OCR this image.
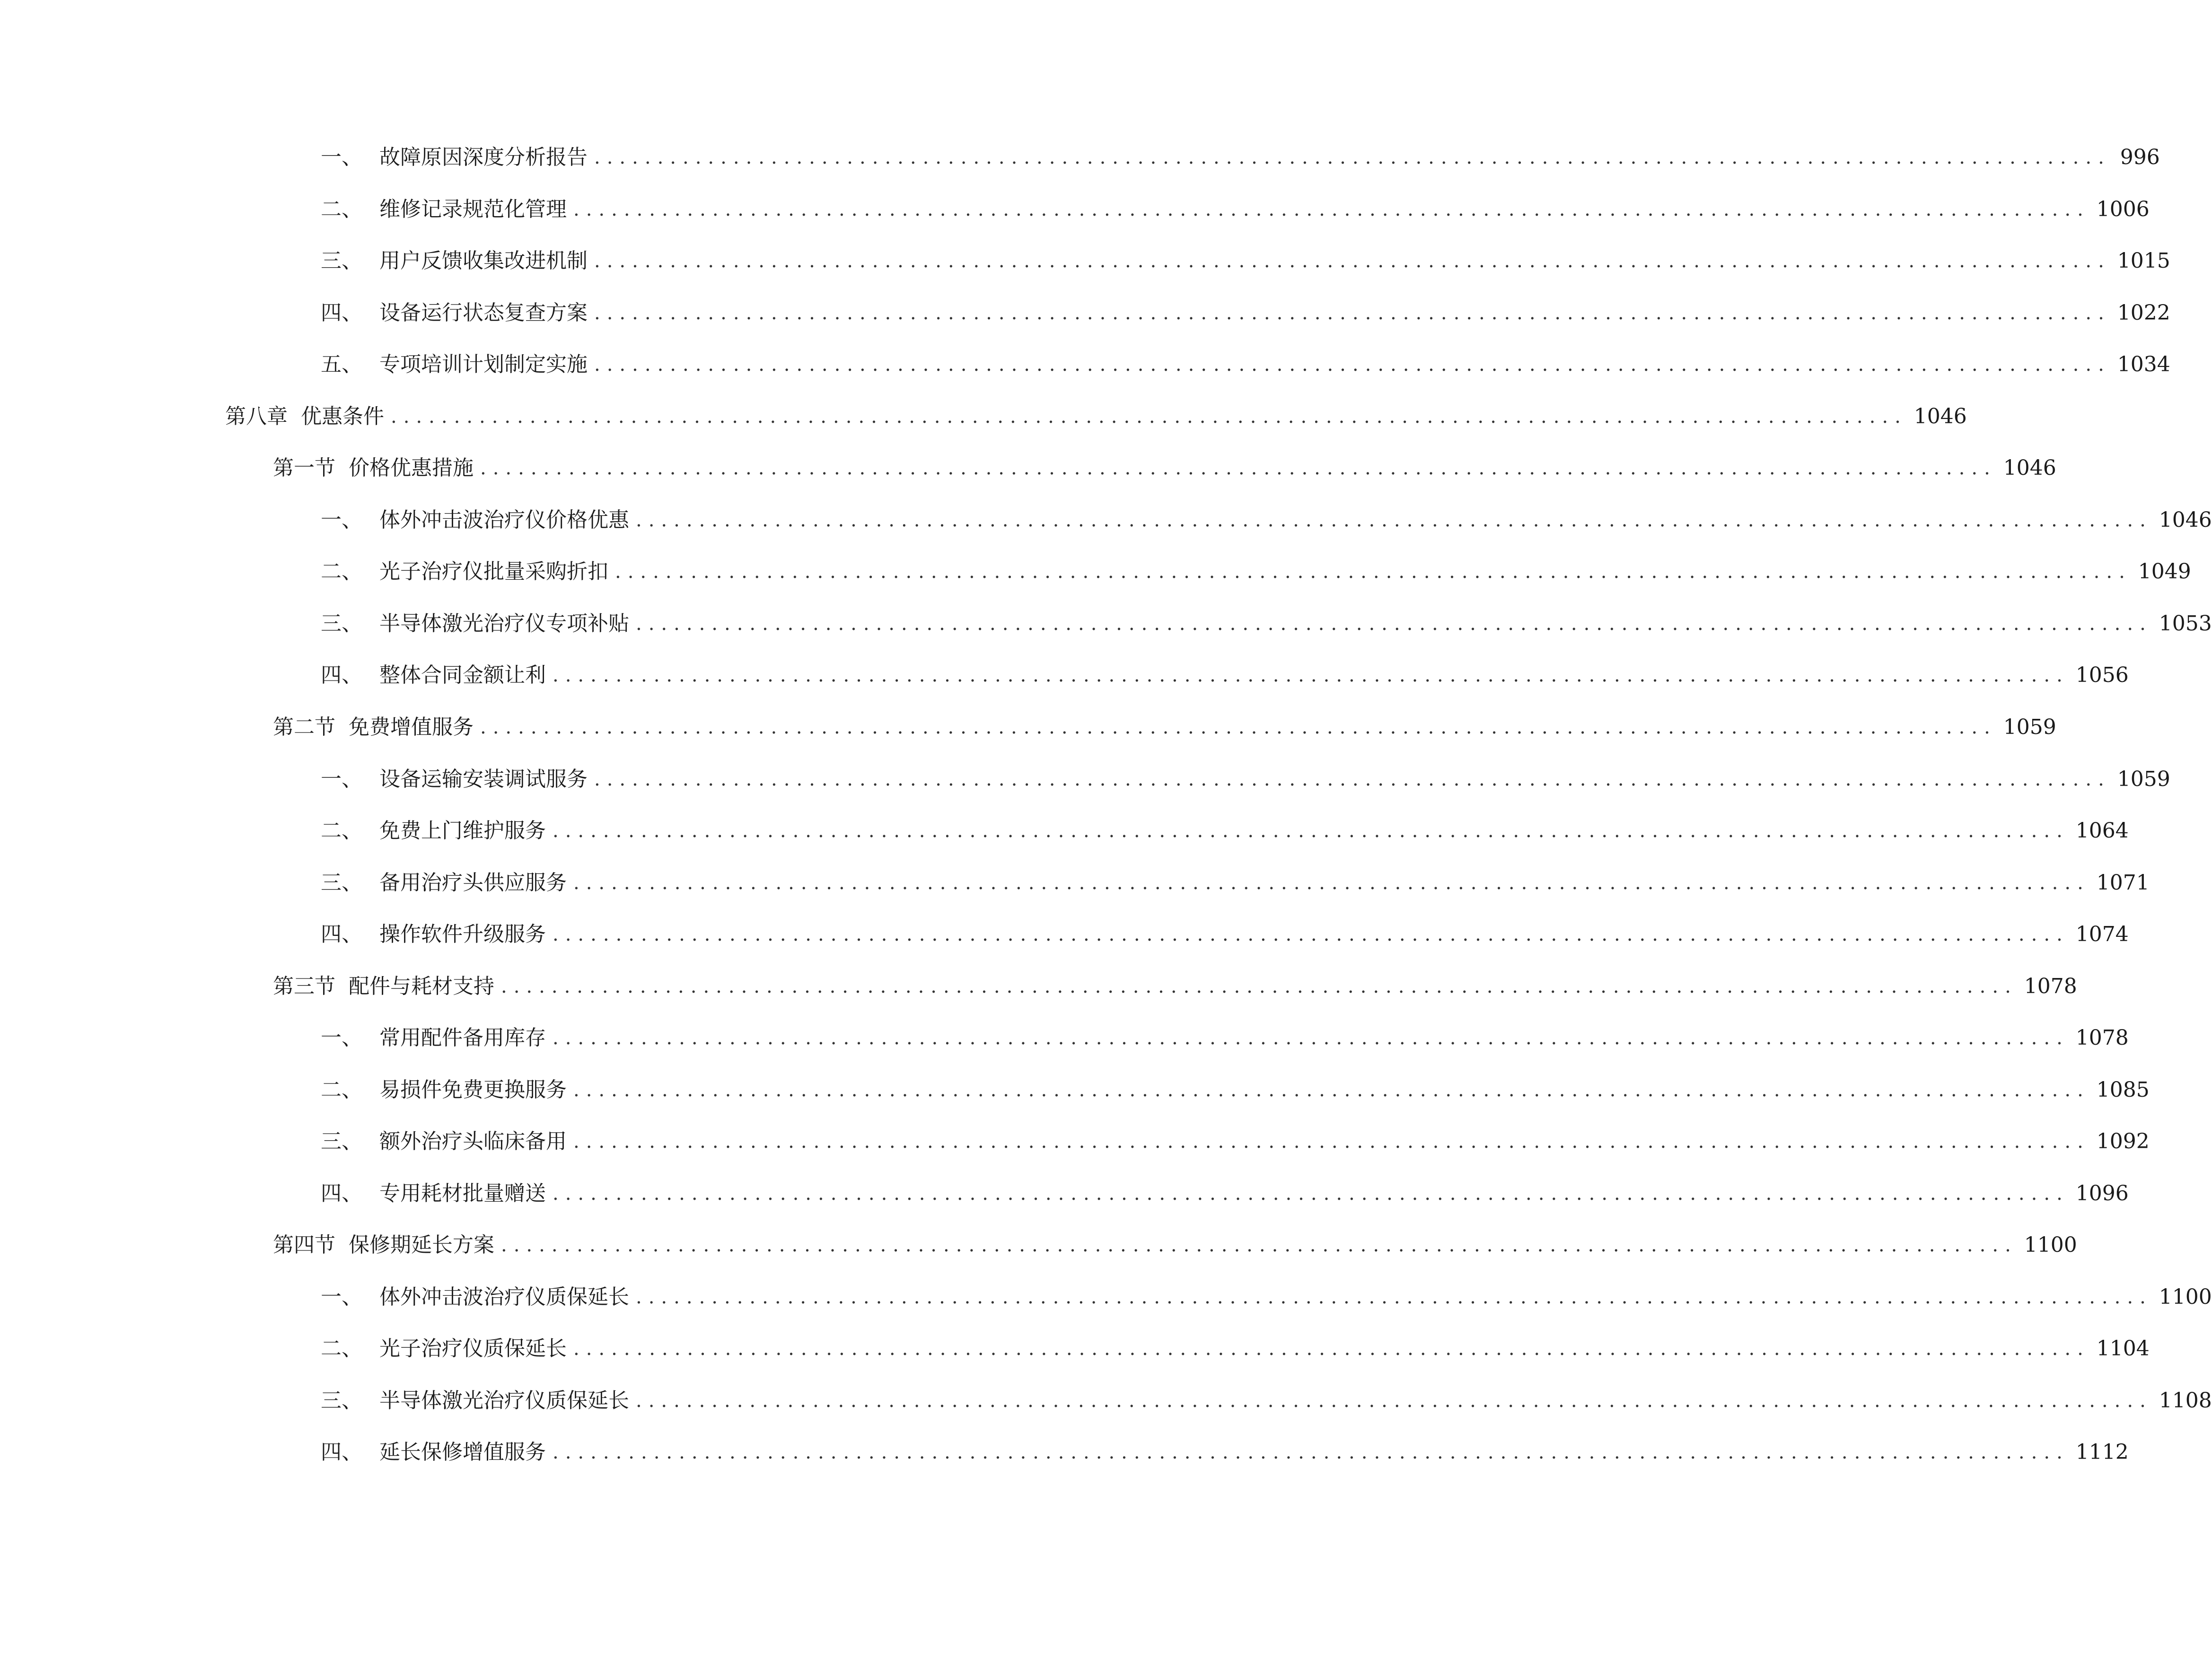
一、 故障原因深度分析报告 ........................................................................................................................ 996
二、 维修记录规范化管理 ........................................................................................................................ 1006
三、 用户反馈收集改进机制 ........................................................................................................................ 1015
四、 设备运行状态复查方案 ........................................................................................................................ 1022
五、 专项培训计划制定实施 ........................................................................................................................ 1034
第八章 优惠条件 ........................................................................................................................ 1046
第一节 价格优惠措施 ........................................................................................................................ 1046
一、 体外冲击波治疗仪价格优惠 ........................................................................................................................ 1046
二、 光子治疗仪批量采购折扣 ........................................................................................................................ 1049
三、 半导体激光治疗仪专项补贴 ........................................................................................................................ 1053
四、 整体合同金额让利 ........................................................................................................................ 1056
第二节 免费增值服务 ........................................................................................................................ 1059
一、 设备运输安装调试服务 ........................................................................................................................ 1059
二、 免费上门维护服务 ........................................................................................................................ 1064
三、 备用治疗头供应服务 ........................................................................................................................ 1071
四、 操作软件升级服务 ........................................................................................................................ 1074
第三节 配件与耗材支持 ........................................................................................................................ 1078
一、 常用配件备用库存 ........................................................................................................................ 1078
二、 易损件免费更换服务 ........................................................................................................................ 1085
三、 额外治疗头临床备用 ........................................................................................................................ 1092
四、 专用耗材批量赠送 ........................................................................................................................ 1096
第四节 保修期延长方案 ........................................................................................................................ 1100
一、 体外冲击波治疗仪质保延长 ........................................................................................................................ 1100
二、 光子治疗仪质保延长 ........................................................................................................................ 1104
三、 半导体激光治疗仪质保延长 ........................................................................................................................ 1108
四、 延长保修增值服务 ........................................................................................................................ 1112
